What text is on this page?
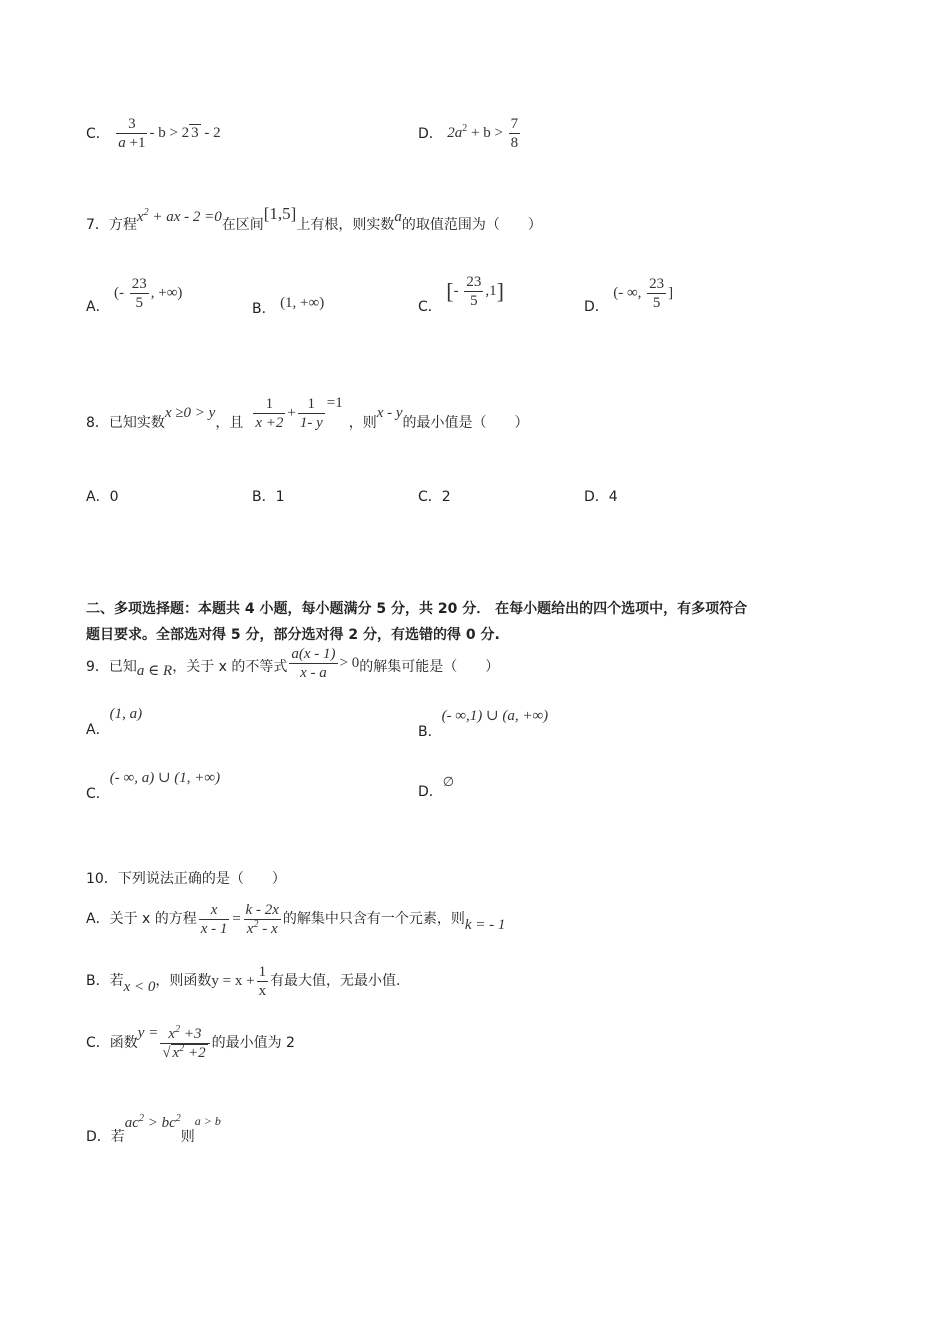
C． $\frac{3}{a +1} - b > 2$ 3 - 2	D． $2a^2 + b > \frac{7}{8}$
7．方程$x^2$ + ax - 2 =0在区间[1,5]上有根，则实数a的取值范围为（　　）
A． (- $\frac{23}{5}$ , +∞)
B． (1, +∞)	C． [- $\frac{23}{5} ,1$]
D． (- ∞, $\frac{23}{5}$ ]
8．已知实数x ≥0 > y，且 $\frac{1}{x +2} + \frac{1}{1- y} =1$，则x - y的最小值是（　　）
A．0	B．1	C．2	D．4
二、多项选择题：本题共 4 小题，每小题满分 5 分，共 20 分． 在每小题给出的四个选项中，有多项符合
题目要求。全部选对得 5 分，部分选对得 2 分，有选错的得 0 分.
9．已知a ∈ R，关于 x 的不等式 $\frac{a(x - 1)}{x - a} > 0$的解集可能是（　　）
A．(1, a)
B．(- ∞,1) ∪ (a, +∞)
C．(- ∞, a) ∪ (1, +∞)
D．∅
10．下列说法正确的是（　　）
A．关于 x 的方程 $\frac{x}{x - 1} = \frac{k - 2x}{x^2 - x}$ 的解集中只含有一个元素，则k = - 1
B．若x < 0，则函数$y = x + \frac{1}{x}$ 有最大值，无最小值.
C．函数$y = \frac{x^2 +3}{√ x^2 +2}$ 的最小值为 2
D．若$ac^2 > bc^2$则a > b
